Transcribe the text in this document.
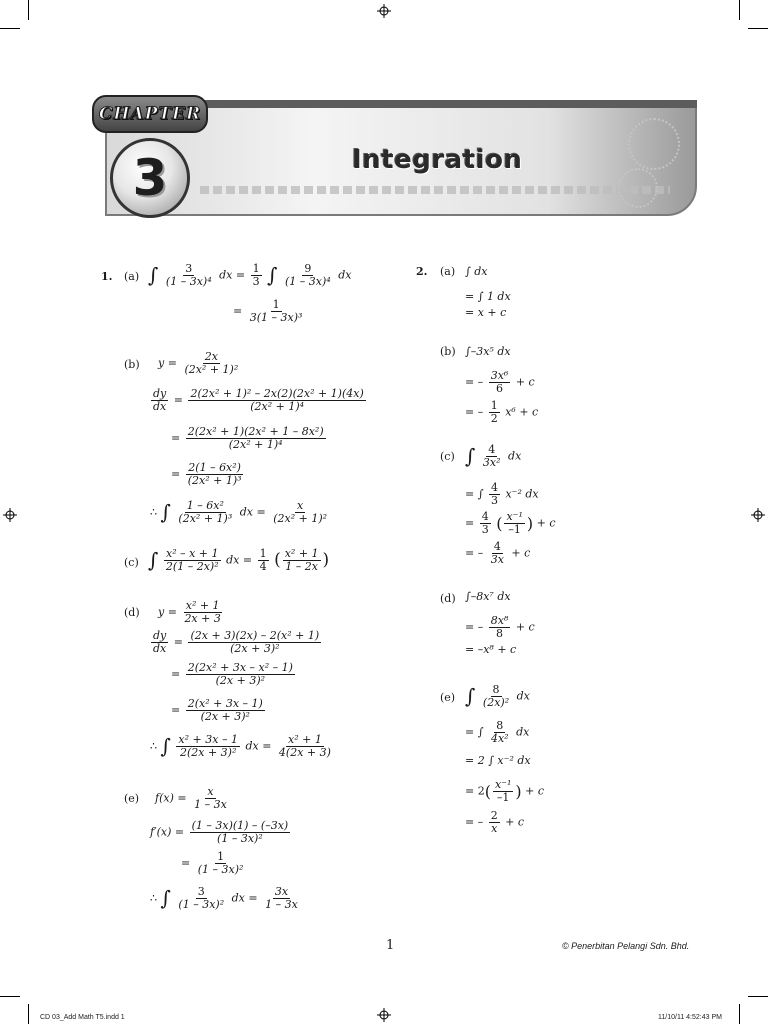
CHAPTER
3	Integration
1. (a) ∫ $\frac{3}{\text{(1 – 3x)⁴}}$ dx = $\frac{1}{3}$ ∫ $\frac{9}{\text{(1 – 3x)⁴}}$ dx
= $\frac{1}{\text{3(1 – 3x)³}}$
(b) $y = \frac{2x}{\text{(2x² + 1)²}}$
$\frac{dy}{dx} = \frac{\text{2(2x² + 1)² – 2x(2)(2x² + 1)(4x)}}{\text{(2x² + 1)⁴}}$
= $\frac{\text{2(2x² + 1)(2x² + 1 – 8x²)}}{\text{(2x² + 1)⁴}}$
= $\frac{\text{2(1 – 6x²)}}{\text{(2x² + 1)³}}$
∴ ∫ $\frac{\text{1 – 6x²}}{\text{(2x² + 1)³}}$ dx = $\frac{x}{\text{(2x² + 1)²}}$
(c) ∫ $\frac{\text{x² – x + 1}}{\text{2(1 – 2x)²}}$ dx = $\frac{1}{4}$ ( $\frac{\text{x² + 1}}{1 - 2x}$ )
(d) $y = \frac{\text{x² + 1}}{2x + 3}$
$\frac{dy}{dx} = \frac{\text{(2x + 3)(2x) – 2(x² + 1)}}{\text{(2x + 3)²}}$
= $\frac{\text{2(2x² + 3x – x² – 1)}}{\text{(2x + 3)²}}$
= $\frac{\text{2(x² + 3x – 1)}}{\text{(2x + 3)²}}$
∴ ∫ $\frac{\text{x² + 3x – 1}}{\text{2(2x + 3)²}}$ dx = $\frac{\text{x² + 1}}{4(2x + 3)}$
(e) $f(x) = \frac{x}{1 - 3x}$
$f'(x) = \frac{(1 - 3x)(1) - (-3x)}{\text{(1 – 3x)²}}$
= $\frac{1}{\text{(1 – 3x)²}}$
∴ ∫ $\frac{3}{\text{(1 – 3x)²}}$ dx = $\frac{3x}{1 - 3x}$
2. (a) ∫ dx
= ∫ 1 dx
= x + c
(b) ∫–3x⁵ dx
= – $\frac{\text{3x⁶}}{6} + c$
= – $\frac{1}{2} x^6 + c$
(c) ∫ $\frac{4}{\text{3x²}}$ dx
= ∫ $\frac{4}{3} x^{-2}$ dx
= $\frac{4}{3}$ ( $\frac{\text{x⁻¹}}{-1}$ ) + c
= – $\frac{4}{3x} + c$
(d) ∫–8x⁷ dx
= – $\frac{\text{8x⁸}}{8} + c$
= –x⁸ + c
(e) ∫ $\frac{8}{\text{(2x)²}}$ dx
= ∫ $\frac{8}{\text{4x²}}$ dx
= 2 ∫ x⁻² dx
= $2( \frac{\text{x⁻¹}}{-1}$ ) + c
= – $\frac{2}{x} + c$
1	© Penerbitan Pelangi Sdn. Bhd.
CD 03_Add Math T5.indd 1	11/10/11 4:52:43 PM
